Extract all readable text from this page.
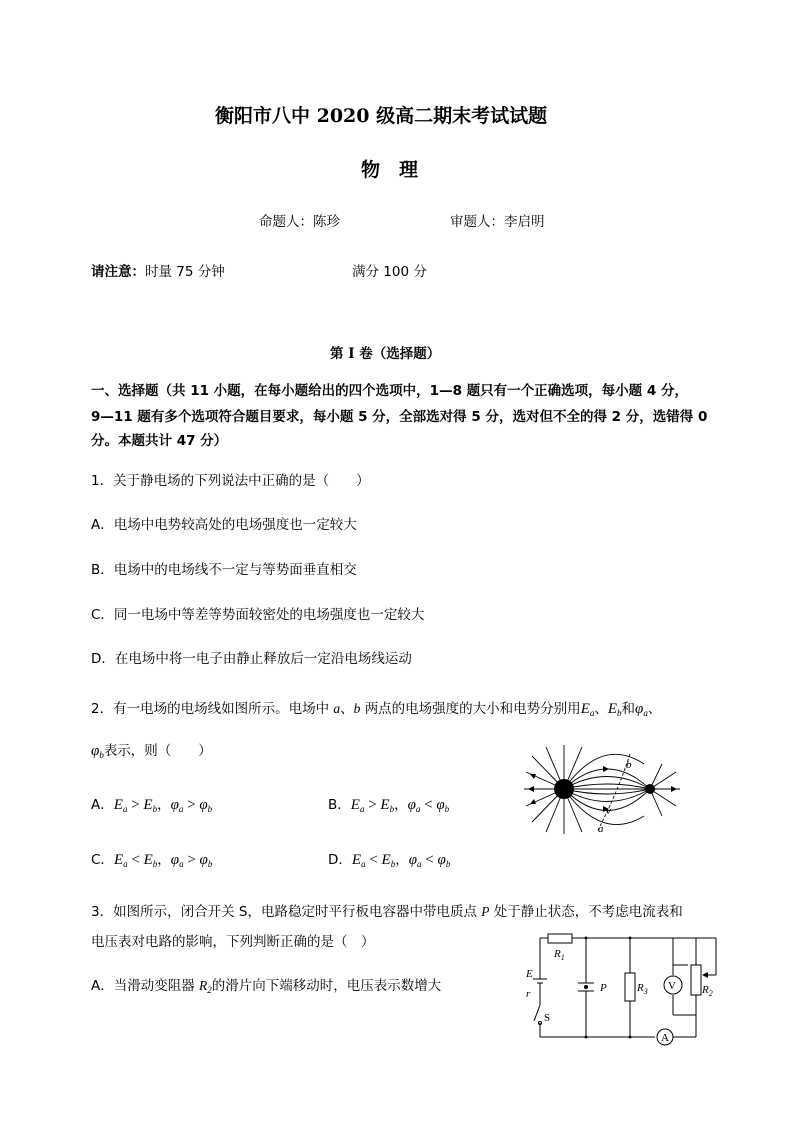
衡阳市八中 2020 级高二期末考试试题
物　理
命题人：陈珍	审题人：李启明
请注意：时量 75 分钟	满分 100 分
第 I 卷（选择题）
一、选择题（共 11 小题，在每小题给出的四个选项中，1—8 题只有一个正确选项，每小题 4 分，
9—11 题有多个选项符合题目要求，每小题 5 分，全部选对得 5 分，选对但不全的得 2 分，选错得 0
分。本题共计 47 分）
1．关于静电场的下列说法中正确的是（　　）
A．电场中电势较高处的电场强度也一定较大
B．电场中的电场线不一定与等势面垂直相交
C．同一电场中等差等势面较密处的电场强度也一定较大
D．在电场中将一电子由静止释放后一定沿电场线运动
2．有一电场的电场线如图所示。电场中 a、b 两点的电场强度的大小和电势分别用$E_a$、$E_b$和$\varphi_a$、
$\varphi_b$表示，则（　　）
A．$E_a > E_b$，$\varphi_a > \varphi_b$	B．$E_a > E_b$，$\varphi_a < \varphi_b$
C．$E_a < E_b$，$\varphi_a > \varphi_b$	D．$E_a < E_b$，$\varphi_a < \varphi_b$
b
a
v
3．如图所示，闭合开关 S，电路稳定时平行板电容器中带电质点 P 处于静止状态，不考虑电流表和
电压表对电路的影响，下列判断正确的是（　）
A．当滑动变阻器 $R_2$的滑片向下端移动时，电压表示数增大
$R_1$
E
r
S
P	$R_3$ V $R_2$
A
